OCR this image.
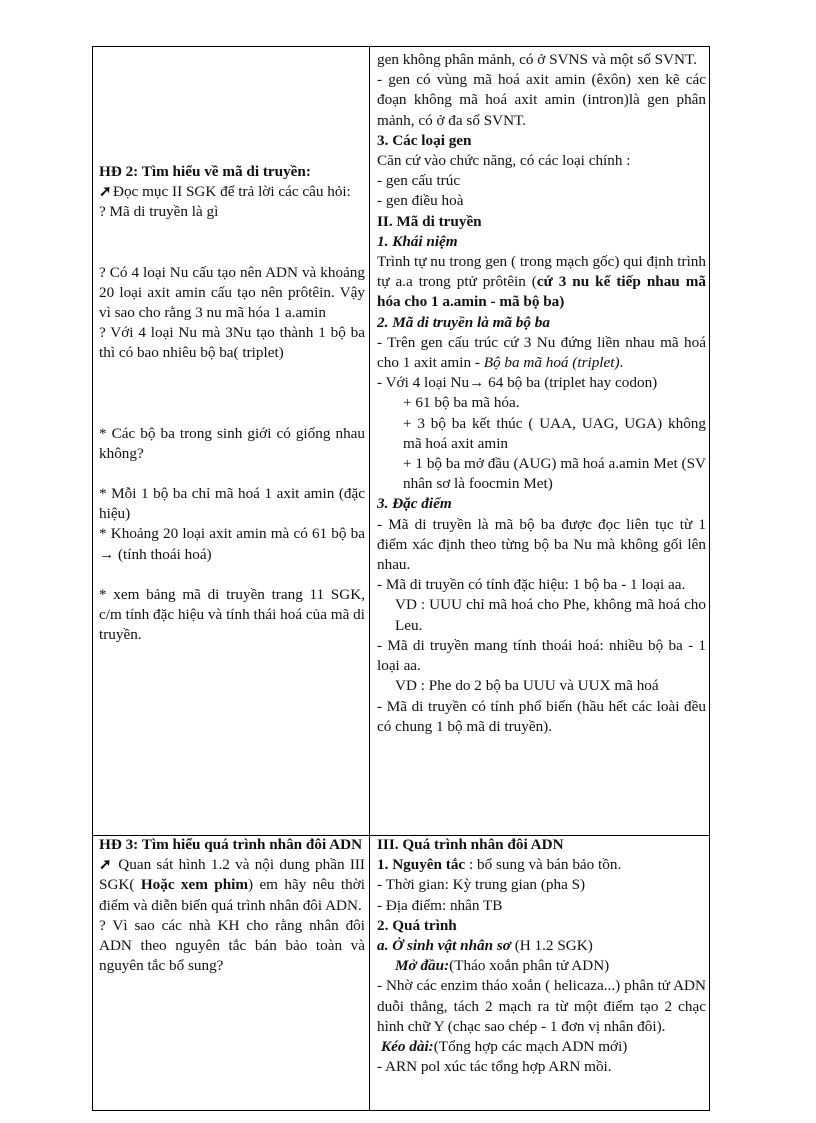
HĐ 2: Tìm hiểu về mã di truyền:

➚Đọc mục II SGK để trả lời các câu hỏi:

? Mã di truyền là gì

? Có 4 loại Nu cấu tạo nên ADN và khoảng 20 loại axit amin cấu tạo nên prôtêin. Vậy vì sao cho rằng 3 nu mã hóa 1 a.amin

? Với 4 loại Nu mà 3Nu tạo thành 1 bộ ba thì có bao nhiêu bộ ba( triplet)

* Các bộ ba trong sinh giới có giống nhau không?

* Mỗi 1 bộ ba chỉ mã hoá 1 axit amin (đặc hiệu)

* Khoảng 20 loại axit amin mà có 61 bộ ba → (tính thoái hoá)

* xem bảng mã di truyền trang 11 SGK, c/m tính đặc hiệu và tính thái hoá của mã di truyền.

HĐ 3: Tìm hiểu quá trình nhân đôi ADN

➚ Quan sát hình 1.2 và nội dung phần III SGK( Hoặc xem phim) em hãy nêu thời điểm và diễn biến quá trình nhân đôi ADN.

? Vì sao các nhà KH cho rằng nhân đôi ADN theo nguyên tắc bán bảo toàn và nguyên tắc bổ sung?

gen không phân mảnh, có ở SVNS và một số SVNT.

- gen có vùng mã hoá axit amin (êxôn) xen kẽ các đoạn không mã hoá axit amin (intron)là gen phân mảnh, có ở đa số SVNT.

3. Các loại gen

Căn cứ vào chức năng, có các loại chính :

- gen cấu trúc

- gen điều hoà

II. Mã di truyền

1. Khái niệm

Trình tự nu trong gen ( trong mạch gốc) qui định trình tự a.a trong ptử prôtêin (cứ 3 nu kế tiếp nhau mã hóa cho 1 a.amin - mã bộ ba)

2. Mã di truyền là mã bộ ba

- Trên gen cấu trúc cứ 3 Nu đứng liền nhau mã hoá cho 1 axit amin - Bộ ba mã hoá (triplet).

- Với 4 loại Nu→ 64 bộ ba (triplet hay codon)

+ 61 bộ ba mã hóa.

+ 3 bộ ba kết thúc ( UAA, UAG, UGA) không mã hoá axit amin

+ 1 bộ ba mở đầu (AUG) mã hoá a.amin Met (SV nhân sơ là foocmin Met)

3. Đặc điểm

- Mã di truyền là mã bộ ba được đọc liên tục từ 1 điểm xác định theo từng bộ ba Nu mà không gối lên nhau.

- Mã di truyền có tính đặc hiệu: 1 bộ ba - 1 loại aa.

VD : UUU chỉ mã hoá cho Phe, không mã hoá cho Leu.

- Mã di truyền mang tính thoái hoá: nhiều bộ ba - 1 loại aa.

VD : Phe do 2 bộ ba UUU và UUX mã hoá

- Mã di truyền có tính phổ biến (hầu hết các loài đều có chung 1 bộ mã di truyền).

III. Quá trình nhân đôi ADN

1. Nguyên tắc : bổ sung và bán bảo tồn.

- Thời gian: Kỳ trung gian (pha S)

- Địa điểm: nhân TB

2. Quá trình

a. Ở sinh vật nhân sơ (H 1.2 SGK)

Mở đầu:(Tháo xoắn phân tử ADN)

- Nhờ các enzim tháo xoắn ( helicaza...) phân tử ADN duỗi thẳng, tách 2 mạch ra từ một điểm tạo 2 chạc hình chữ Y (chạc sao chép - 1 đơn vị nhân đôi).

Kéo dài:(Tổng hợp các mạch ADN mới)

- ARN pol xúc tác tổng hợp ARN mồi.
